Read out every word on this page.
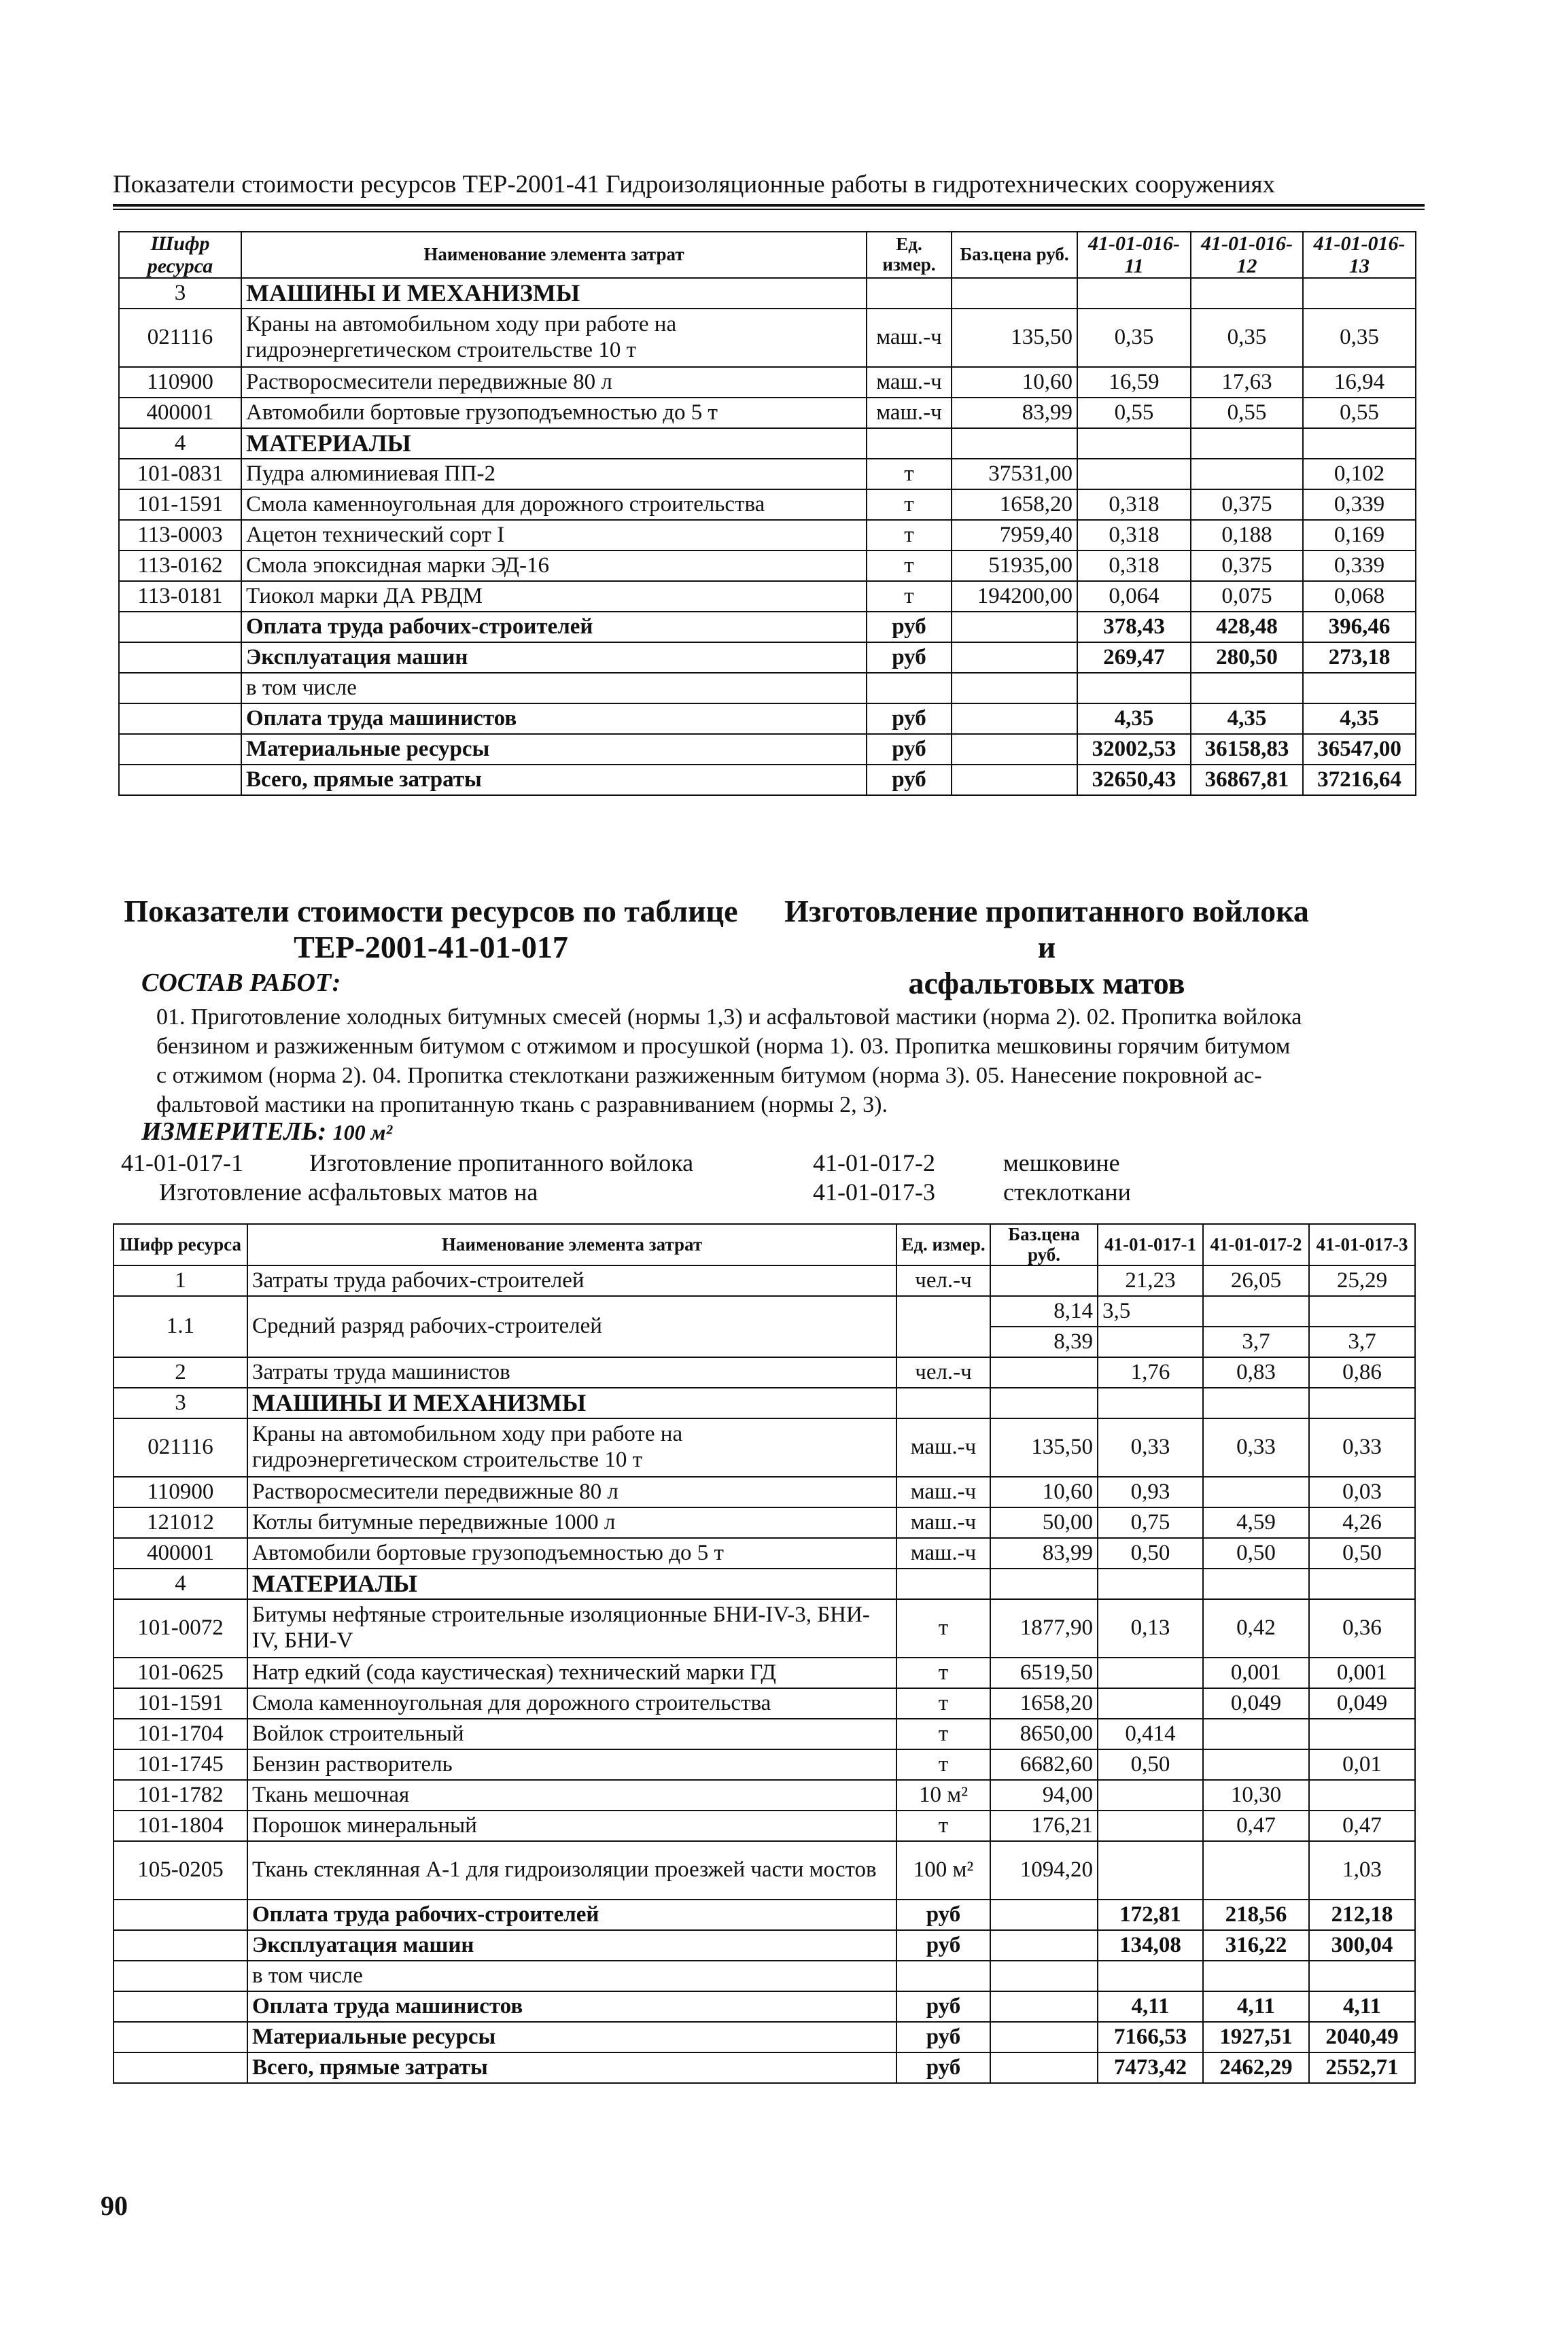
Показатели стоимости ресурсов ТЕР-2001-41 Гидроизоляционные работы в гидротехнических сооружениях
Шифр ресурса	Наименование элемента затрат	Ед. измер.	Баз.цена руб.	41-01-016-11	41-01-016-12	41-01-016-13
3	МАШИНЫ И МЕХАНИЗМЫ					
021116	Краны на автомобильном ходу при работе на гидроэнергетическом строительстве 10 т	маш.-ч	135,50	0,35	0,35	0,35
110900	Растворосмесители передвижные 80 л	маш.-ч	10,60	16,59	17,63	16,94
400001	Автомобили бортовые грузоподъемностью до 5 т	маш.-ч	83,99	0,55	0,55	0,55
4	МАТЕРИАЛЫ					
101-0831	Пудра алюминиевая ПП-2	т	37531,00			0,102
101-1591	Смола каменноугольная для дорожного строительства	т	1658,20	0,318	0,375	0,339
113-0003	Ацетон технический сорт I	т	7959,40	0,318	0,188	0,169
113-0162	Смола эпоксидная марки ЭД-16	т	51935,00	0,318	0,375	0,339
113-0181	Тиокол марки ДА РВДМ	т	194200,00	0,064	0,075	0,068
	Оплата труда рабочих-строителей	руб		378,43	428,48	396,46
	Эксплуатация машин	руб		269,47	280,50	273,18
	в том числе					
	Оплата труда машинистов	руб		4,35	4,35	4,35
	Материальные ресурсы	руб		32002,53	36158,83	36547,00
	Всего, прямые затраты	руб		32650,43	36867,81	37216,64
Показатели стоимости ресурсов по таблице
ТЕР-2001-41-01-017
Изготовление пропитанного войлока и
асфальтовых матов
СОСТАВ РАБОТ:
01. Приготовление холодных битумных смесей (нормы 1,3) и асфальтовой мастики (норма 2). 02. Пропитка войлока
бензином и разжиженным битумом с отжимом и просушкой (норма 1). 03. Пропитка мешковины горячим битумом
с отжимом (норма 2). 04. Пропитка стеклоткани разжиженным битумом (норма 3). 05. Нанесение покровной ас-
фальтовой мастики на пропитанную ткань с разравниванием (нормы 2, 3).
ИЗМЕРИТЕЛЬ: 100 м²
41-01-017-1	Изготовление пропитанного войлока	41-01-017-2	мешковине
Изготовление асфальтовых матов на	41-01-017-3	стеклоткани
Шифр ресурса	Наименование элемента затрат	Ед. измер.	Баз.цена руб.	41-01-017-1	41-01-017-2	41-01-017-3
1	Затраты труда рабочих-строителей	чел.-ч		21,23	26,05	25,29
1.1	Средний разряд рабочих-строителей		8,14	3,5		
			8,39		3,7	3,7
2	Затраты труда машинистов	чел.-ч		1,76	0,83	0,86
3	МАШИНЫ И МЕХАНИЗМЫ					
021116	Краны на автомобильном ходу при работе на гидроэнергетическом строительстве 10 т	маш.-ч	135,50	0,33	0,33	0,33
110900	Растворосмесители передвижные 80 л	маш.-ч	10,60	0,93		0,03
121012	Котлы битумные передвижные 1000 л	маш.-ч	50,00	0,75	4,59	4,26
400001	Автомобили бортовые грузоподъемностью до 5 т	маш.-ч	83,99	0,50	0,50	0,50
4	МАТЕРИАЛЫ					
101-0072	Битумы нефтяные строительные изоляционные БНИ-IV-3, БНИ-IV, БНИ-V	т	1877,90	0,13	0,42	0,36
101-0625	Натр едкий (сода каустическая) технический марки ГД	т	6519,50		0,001	0,001
101-1591	Смола каменноугольная для дорожного строительства	т	1658,20		0,049	0,049
101-1704	Войлок строительный	т	8650,00	0,414		
101-1745	Бензин растворитель	т	6682,60	0,50		0,01
101-1782	Ткань мешочная	10 м²	94,00		10,30	
101-1804	Порошок минеральный	т	176,21		0,47	0,47
105-0205	Ткань стеклянная А-1 для гидроизоляции проезжей части мостов	100 м²	1094,20			1,03
	Оплата труда рабочих-строителей	руб		172,81	218,56	212,18
	Эксплуатация машин	руб		134,08	316,22	300,04
	в том числе					
	Оплата труда машинистов	руб		4,11	4,11	4,11
	Материальные ресурсы	руб		7166,53	1927,51	2040,49
	Всего, прямые затраты	руб		7473,42	2462,29	2552,71
90
